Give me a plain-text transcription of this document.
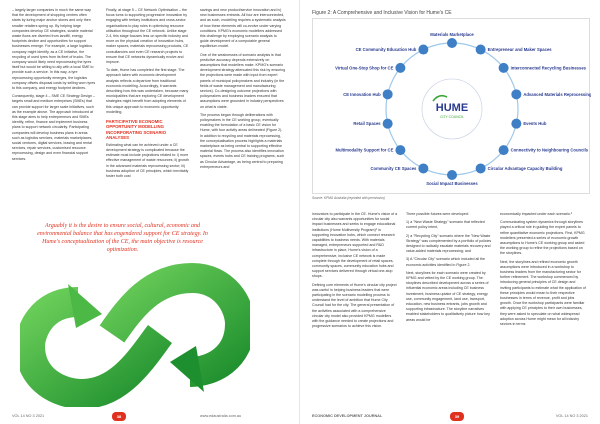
– largely larger companies in much the same way that the development of shopping centres often starts by luring major anchor stores and only then smaller retailers spring up. By helping large companies develop CE strategies, sizable material waste flows are diverted from landfill, energy footprints decline and opportunities for support businesses emerge. For example, a large logistics company might identify, as a CE initiative, the recycling of used tyres from its fleet of trucks. The company would likely need reprocessing the tyres itself but would be willing to ally with a local SME to provide such a service. In this way, a tyre reprocessing opportunity emerges, the logistics company offsets disposal costs by selling worn tyres to this company, and energy footprint declines.

Consequently, stage 4 – SME CE Strategy Design – targets small and medium enterprises (SMEs) that can provide support for larger scale initiatives, such as the example above. The approach introduced at this stage aims to help entrepreneurs and SMEs identify, refine, finance and implement business plans to support network circularity. Participating companies will develop business plans in areas such as logistics services, materials marketplaces, social ventures, digital services, leasing and rental services, repair services, customised resource reprocessing, design and even financial support services.

Finally, at stage 5 – CE Network Optimisation – the focus turns to supporting progressive innovation by engaging with tertiary institutions and cross-sector organisations to play roles in optimising resource utilisation throughout the CE network. Unlike stage 2-4, this stage focuses less on specific industry and more on the physical creation of innovation hubs, maker spaces, materials reprocessing products, CE consultancies and even CE research projects to ensure that CE networks dynamically evolve and improve.

To date, Hume has completed the first stage. The approach taken with economic development analysis reflects a departure from traditional economic modelling. Accordingly, it warrants describing how this was undertaken, because many municipalities that are exploring CE development strategies might benefit from adopting elements of this unique approach to economic opportunity modelling.

PARTICIPATIVE ECONOMIC OPPORTUNITY MODELLING INCORPORATING SCENARIO ANALYSES

Estimating what can be achieved under a CE development strategy is complicated because the estimate must include projections related to: i) more effective management of waste resources; ii) growth in the advanced materials reprocessing sector; iii) business adoption of CE principles, which inevitably foster both cost

savings and new product/service innovation and iv) new businesses entrants. All four are interconnected, and as such, modelling requires a systematic analysis of how these elements will co-evolve under varying conditions. KPMG's economic modellers addressed this challenge by employing scenario analysis to guide development of a computable general equilibrium model.

One of the weaknesses of scenario analysis is that predictive accuracy depends extensively on assumptions that modellers make. KPMG's scenario development strategy attenuated this risk by ensuring the projections were made with input from expert panels of municipal policymakers and industry (in the fields of waste management and manufacturing sectors). Co-designing outcome projections with policymakers and business leaders ensured that assumptions were grounded in industry perspectives on what is viable.

The process began through deliberations with policymakers in the CE working group, eventually enabling the formulation of a basic CE vision for Hume, with four activity areas delineated (Figure 2). In addition to recycling and materials reprocessing, the conceptualisation process highlights a materials marketplace as being central to supporting effective material flows. The process also identifies innovation spaces, events hubs and CE training programs, such as Circular Advantage, as being central to preparing entrepreneurs and

Arguably it is the desire to ensure social, cultural, economic and environmental balance that has engendered support for CE strategy. In Hume's conceptualization of the CE, the main objective is resource optimization.
VOL 14 NO 3 2021	38	www.edaustralia.com.au
Figure 2: A Comprehensive and Inclusive Vision for Hume's CE
HUME
CITY COUNCIL
Materials Marketplace
Entrepreneur and Maker Spaces
Interconnected Recycling Businesses
Advanced Materials Reprocessing
Events Hub
Connectivity to Neighbouring Councils
Circular Advantage Capacity Building
Social Impact Businesses
Community CE Spaces
Multimodality Support for CE
Retail Spaces
CE Innovation Hub
Virtual One-Stop Shop for CE
CE Community Education Hub
Source: KPMG Australia (reprinted with permission)

innovators to participate in the CE. Hume's vision of a circular city also warrants opportunities for social impact businesses and seeks to engage educational institutions (Hume Multiversity Program)² in supporting innovation hubs, which connect research capabilities to business needs. With materials managed, entrepreneurs supported and R&D infrastructure in place, Hume's vision of a comprehensive, inclusive CE network is made complete through the development of retail spaces, community spaces, community education hubs and support services delivered through virtual one-stop shops.

Defining core elements of Hume's circular city project was useful in helping business leaders that were participating in the scenario modelling process to understand the level of ambition that Hume City Council had for the city. The general presentation of the activities associated with a comprehensive circular city model also provided KPMG modellers with the guidance needed to create projections and progressive scenarios to achieve this vision.

Three possible futures were developed:

1) a "New Waste Strategy" scenario that reflected current policy intent,
2) a "Recycling City" scenario where the "New Waste Strategy" was complemented by a portfolio of policies designed to radically escalate materials recovery and value-added materials reprocessing; and
3) A "Circular City" scenario which included all the economic activities identified in Figure 2.

Next, storylines for each scenario were created by KPMG and vetted by the CE working group. The storylines described development across a series of influential economic areas including CE business investment, business uptake of CE strategy, energy use, community engagement, land use, transport, education, new business entrants, jobs growth and supporting infrastructure. The storyline narratives enabled stakeholders to qualitatively picture how key areas would be

economically impacted under each scenario.²

Communicating system dynamics through storylines played a critical role in guiding the expert panels to refine quantitative economic projections. First, KPMG modellers presented a series of economic growth assumptions to Hume's CE working group and asked the working group to refine the projections based on the storylines.

Next, the storylines and refined economic growth assumptions were introduced in a workshop to business leaders from the manufacturing sector for further refinement. The workshop commenced by introducing general principles of CE design and inviting participants to estimate what the application of these principles would mean to their respective businesses in terms of revenue, profit and jobs growth. Once the workshop participants were familiar with applying CE principles to their own businesses, they were asked to speculate on what widespread adoption across Hume might mean for all industry sectors in terms

ECONOMIC DEVELOPMENT JOURNAL	39	VOL 14 NO 3 2021
